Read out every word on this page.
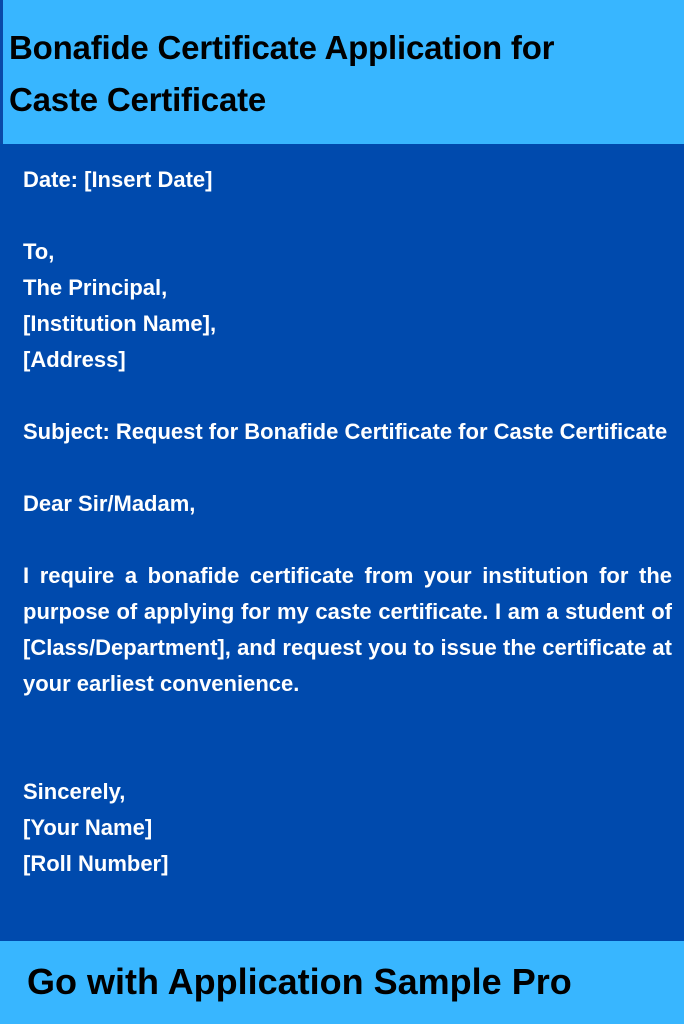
Bonafide Certificate Application for
Caste Certificate

Date: [Insert Date]

To,

The Principal,

[Institution Name],

[Address]

Subject: Request for Bonafide Certificate for Caste Certificate

Dear Sir/Madam,

I require a bonafide certificate from your institution for the purpose of applying for my caste certificate. I am a student of [Class/Department], and request you to issue the certificate at your earliest convenience.

Sincerely,

[Your Name]

[Roll Number]

Go with Application Sample Pro
